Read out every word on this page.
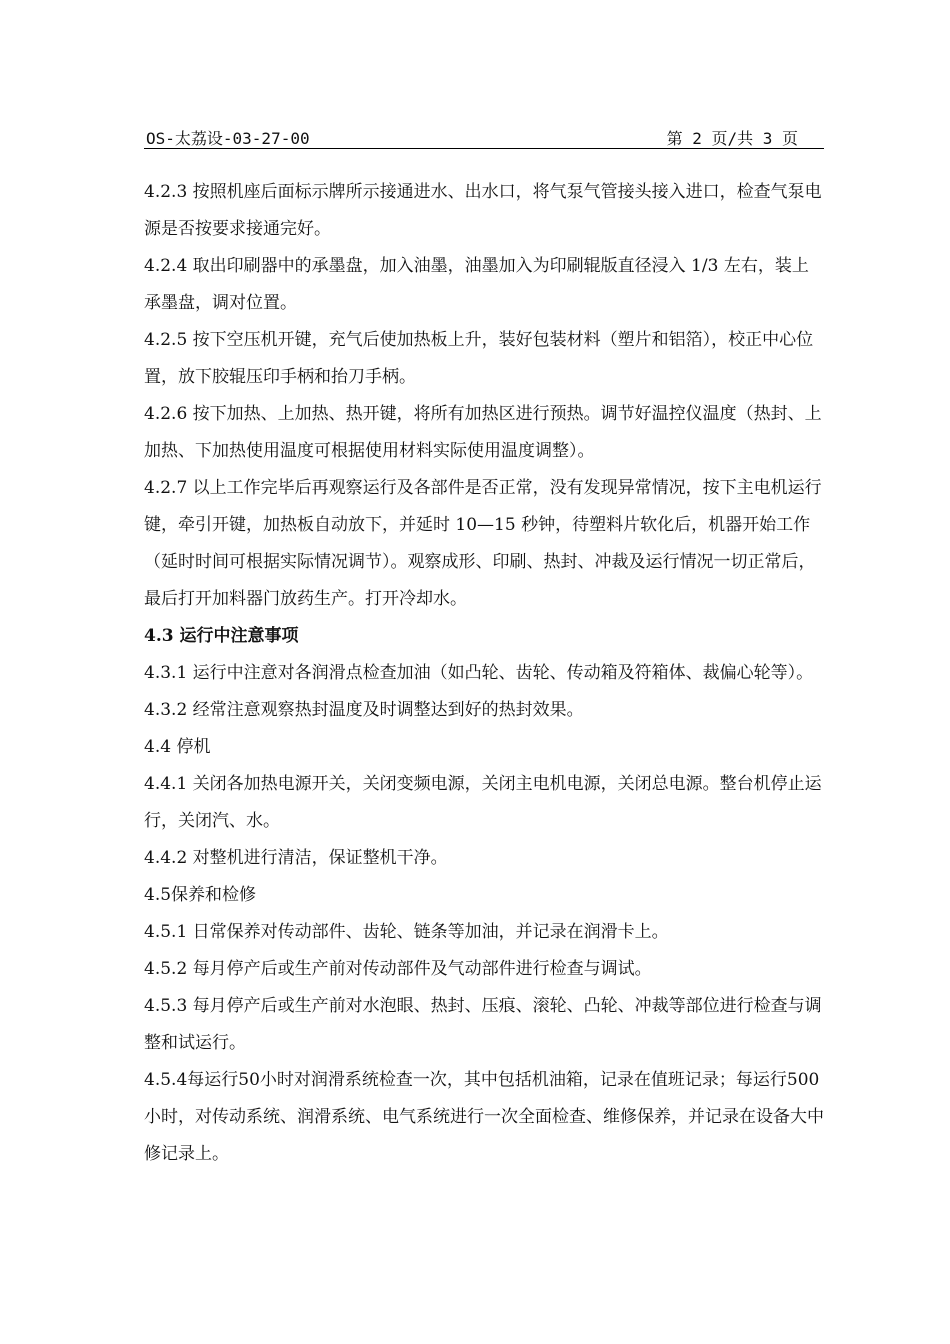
OS-太荔设-03-27-00	第 2 页/共 3 页

4.2.3 按照机座后面标示牌所示接通进水、出水口，将气泵气管接头接入进口，检查气泵电源是否按要求接通完好。

4.2.4 取出印刷器中的承墨盘，加入油墨，油墨加入为印刷辊版直径浸入 1/3 左右，装上承墨盘，调对位置。

4.2.5 按下空压机开键，充气后使加热板上升，装好包装材料（塑片和铝箔），校正中心位置，放下胶辊压印手柄和抬刀手柄。

4.2.6 按下加热、上加热、热开键，将所有加热区进行预热。调节好温控仪温度（热封、上加热、下加热使用温度可根据使用材料实际使用温度调整）。

4.2.7 以上工作完毕后再观察运行及各部件是否正常，没有发现异常情况，按下主电机运行键，牵引开键，加热板自动放下，并延时 10—15 秒钟，待塑料片软化后，机器开始工作（延时时间可根据实际情况调节）。观察成形、印刷、热封、冲裁及运行情况一切正常后，最后打开加料器门放药生产。打开冷却水。

4.3 运行中注意事项

4.3.1 运行中注意对各润滑点检查加油（如凸轮、齿轮、传动箱及符箱体、裁偏心轮等）。

4.3.2 经常注意观察热封温度及时调整达到好的热封效果。

4.4 停机

4.4.1 关闭各加热电源开关，关闭变频电源，关闭主电机电源，关闭总电源。整台机停止运行，关闭汽、水。

4.4.2 对整机进行清洁，保证整机干净。

4.5保养和检修

4.5.1 日常保养对传动部件、齿轮、链条等加油，并记录在润滑卡上。

4.5.2 每月停产后或生产前对传动部件及气动部件进行检查与调试。

4.5.3 每月停产后或生产前对水泡眼、热封、压痕、滚轮、凸轮、冲裁等部位进行检查与调整和试运行。

4.5.4每运行50小时对润滑系统检查一次，其中包括机油箱，记录在值班记录；每运行500小时，对传动系统、润滑系统、电气系统进行一次全面检查、维修保养，并记录在设备大中修记录上。
